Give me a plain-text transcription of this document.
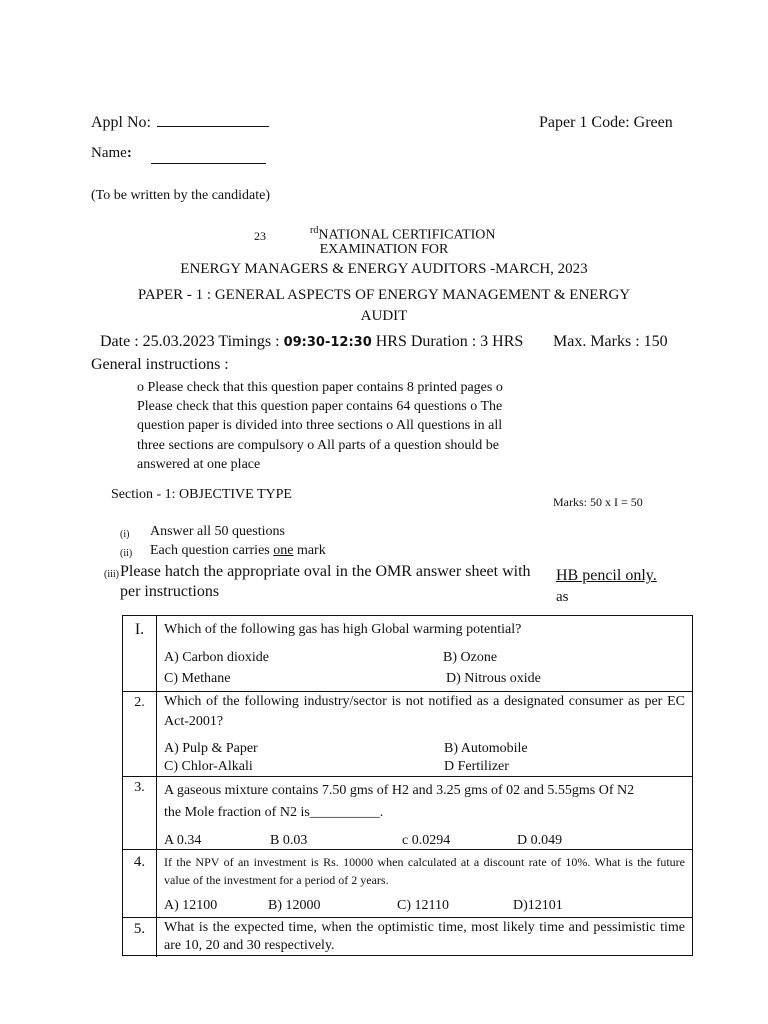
Appl No:	Paper 1 Code: Green
Name:
(To be written by the candidate)
23	$^{rd}$NATIONAL CERTIFICATION
EXAMINATION FOR
ENERGY MANAGERS & ENERGY AUDITORS -MARCH, 2023
PAPER - 1 : GENERAL ASPECTS OF ENERGY MANAGEMENT & ENERGY
AUDIT
Date : 25.03.2023 Timings : 09:30-12:30 HRS Duration : 3 HRS Max. Marks : 150
General instructions :
o Please check that this question paper contains 8 printed pages o
Please check that this question paper contains 64 questions o The
question paper is divided into three sections o All questions in all
three sections are compulsory o All parts of a question should be
answered at one place
Section - 1: OBJECTIVE TYPE	Marks: 50 x I = 50
(i) Answer all 50 questions
(ii) Each question carries one mark
(iii) Please hatch the appropriate oval in the OMR answer sheet with
per instructions
HB pencil only.
as
I.	Which of the following gas has high Global warming potential?
A) Carbon dioxide	B) Ozone
C) Methane	D) Nitrous oxide
2.	Which of the following industry/sector is not notified as a designated consumer as per EC Act-2001?
A) Pulp & Paper	B) Automobile
C) Chlor-Alkali	D Fertilizer
3.	A gaseous mixture contains 7.50 gms of H2 and 3.25 gms of 02 and 5.55gms Of N2
the Mole fraction of N2 is__________.
A 0.34	B 0.03	c 0.0294	D 0.049
4.	If the NPV of an investment is Rs. 10000 when calculated at a discount rate of 10%. What is the future value of the investment for a period of 2 years.
A) 12100	B) 12000	C) 12110	D)12101
5.	What is the expected time, when the optimistic time, most likely time and pessimistic time are 10, 20 and 30 respectively.
